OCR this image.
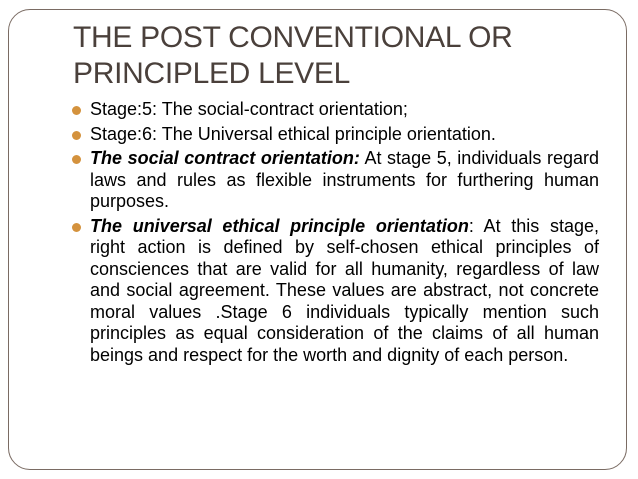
THE POST CONVENTIONAL OR PRINCIPLED LEVEL
Stage:5: The social-contract orientation;
Stage:6: The Universal ethical principle orientation.
The social contract orientation: At stage 5, individuals regard laws and rules as flexible instruments for furthering human purposes.
The universal ethical principle orientation: At this stage, right action is defined by self-chosen ethical principles of consciences that are valid for all humanity, regardless of law and social agreement. These values are abstract, not concrete moral values .Stage 6 individuals typically mention such principles as equal consideration of the claims of all human beings and respect for the worth and dignity of each person.
